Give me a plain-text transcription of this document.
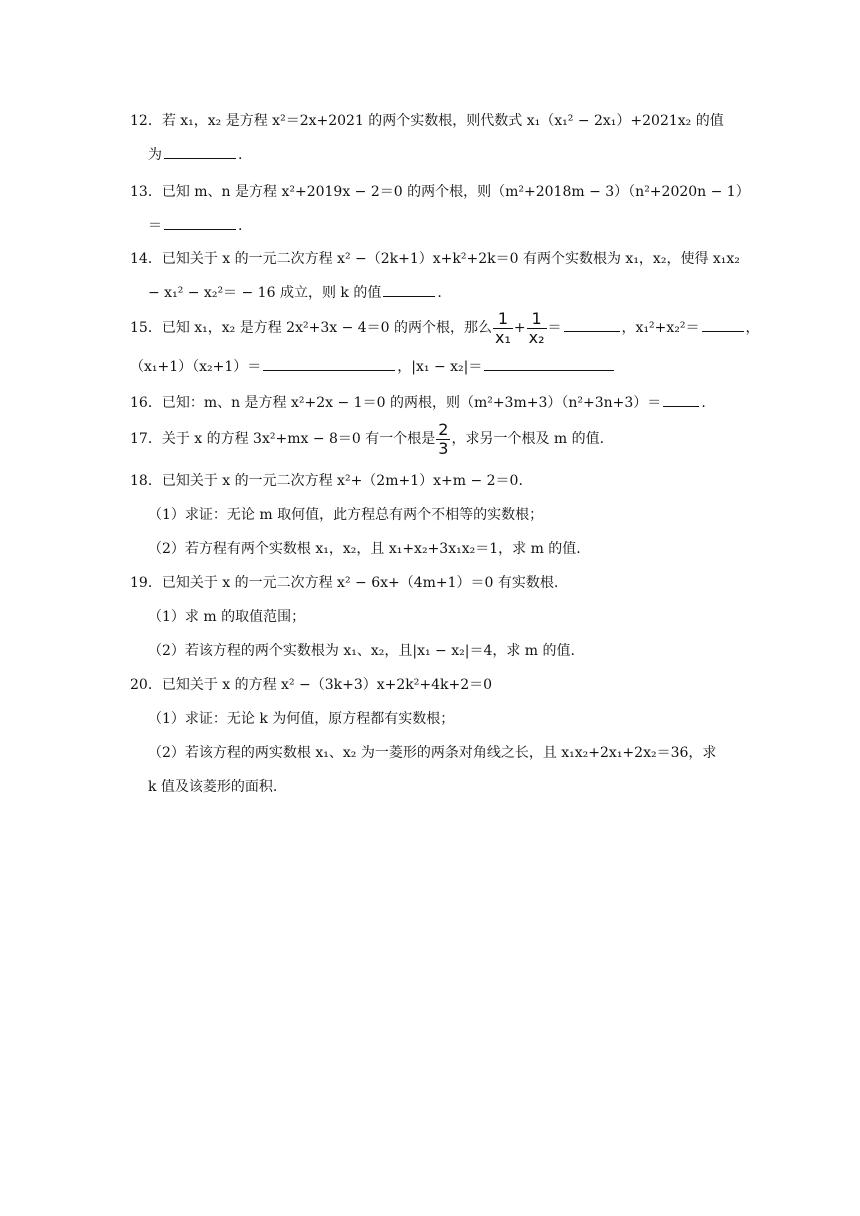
12．若 x₁，x₂ 是方程 x²＝2x+2021 的两个实数根，则代数式 x₁（x₁² − 2x₁）+2021x₂ 的值
为	.
13．已知 m、n 是方程 x²+2019x − 2＝0 的两个根，则（m²+2018m − 3）（n²+2020n − 1）
＝	.
14．已知关于 x 的一元二次方程 x² −（2k+1）x+k²+2k＝0 有两个实数根为 x₁，x₂，使得 x₁x₂
− x₁² − x₂²＝ − 16 成立，则 k 的值	.
15．已知 x₁，x₂ 是方程 2x²+3x − 4＝0 的两个根，那么 $\frac{1}{\text{x₁}} + \frac{1}{\text{x₂}}$ ＝	，x₁²+x₂²＝	，
（x₁+1）（x₂+1）＝	，|x₁ − x₂|＝
16．已知：m、n 是方程 x²+2x − 1＝0 的两根，则（m²+3m+3）（n²+3n+3）＝	.
17．关于 x 的方程 3x²+mx − 8＝0 有一个根是 $\frac{2}{3}$ ，求另一个根及 m 的值.
18．已知关于 x 的一元二次方程 x²+（2m+1）x+m − 2＝0.
（1）求证：无论 m 取何值，此方程总有两个不相等的实数根；
（2）若方程有两个实数根 x₁，x₂，且 x₁+x₂+3x₁x₂＝1，求 m 的值.
19．已知关于 x 的一元二次方程 x² − 6x+（4m+1）＝0 有实数根.
（1）求 m 的取值范围；
（2）若该方程的两个实数根为 x₁、x₂，且|x₁ − x₂|＝4，求 m 的值.
20．已知关于 x 的方程 x² −（3k+3）x+2k²+4k+2＝0
（1）求证：无论 k 为何值，原方程都有实数根；
（2）若该方程的两实数根 x₁、x₂ 为一菱形的两条对角线之长，且 x₁x₂+2x₁+2x₂＝36，求
k 值及该菱形的面积.
